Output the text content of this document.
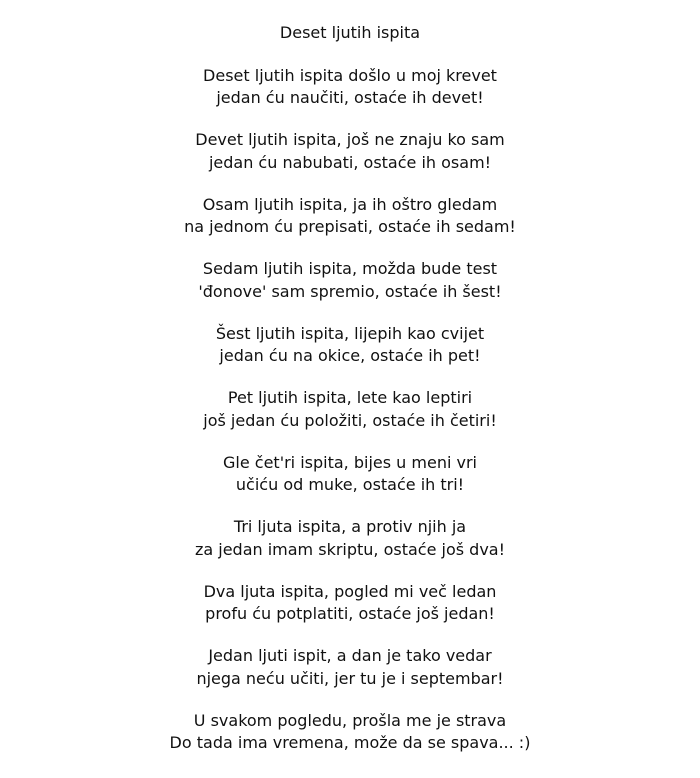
Deset ljutih ispita
Deset ljutih ispita došlo u moj krevet
jedan ću naučiti, ostaće ih devet!
Devet ljutih ispita, još ne znaju ko sam
jedan ću nabubati, ostaće ih osam!
Osam ljutih ispita, ja ih oštro gledam
na jednom ću prepisati, ostaće ih sedam!
Sedam ljutih ispita, možda bude test
'đonove' sam spremio, ostaće ih šest!
Šest ljutih ispita, lijepih kao cvijet
jedan ću na okice, ostaće ih pet!
Pet ljutih ispita, lete kao leptiri
još jedan ću položiti, ostaće ih četiri!
Gle čet'ri ispita, bijes u meni vri
učiću od muke, ostaće ih tri!
Tri ljuta ispita, a protiv njih ja
za jedan imam skriptu, ostaće još dva!
Dva ljuta ispita, pogled mi več ledan
profu ću potplatiti, ostaće još jedan!
Jedan ljuti ispit, a dan je tako vedar
njega neću učiti, jer tu je i septembar!
U svakom pogledu, prošla me je strava
Do tada ima vremena, može da se spava... :)
